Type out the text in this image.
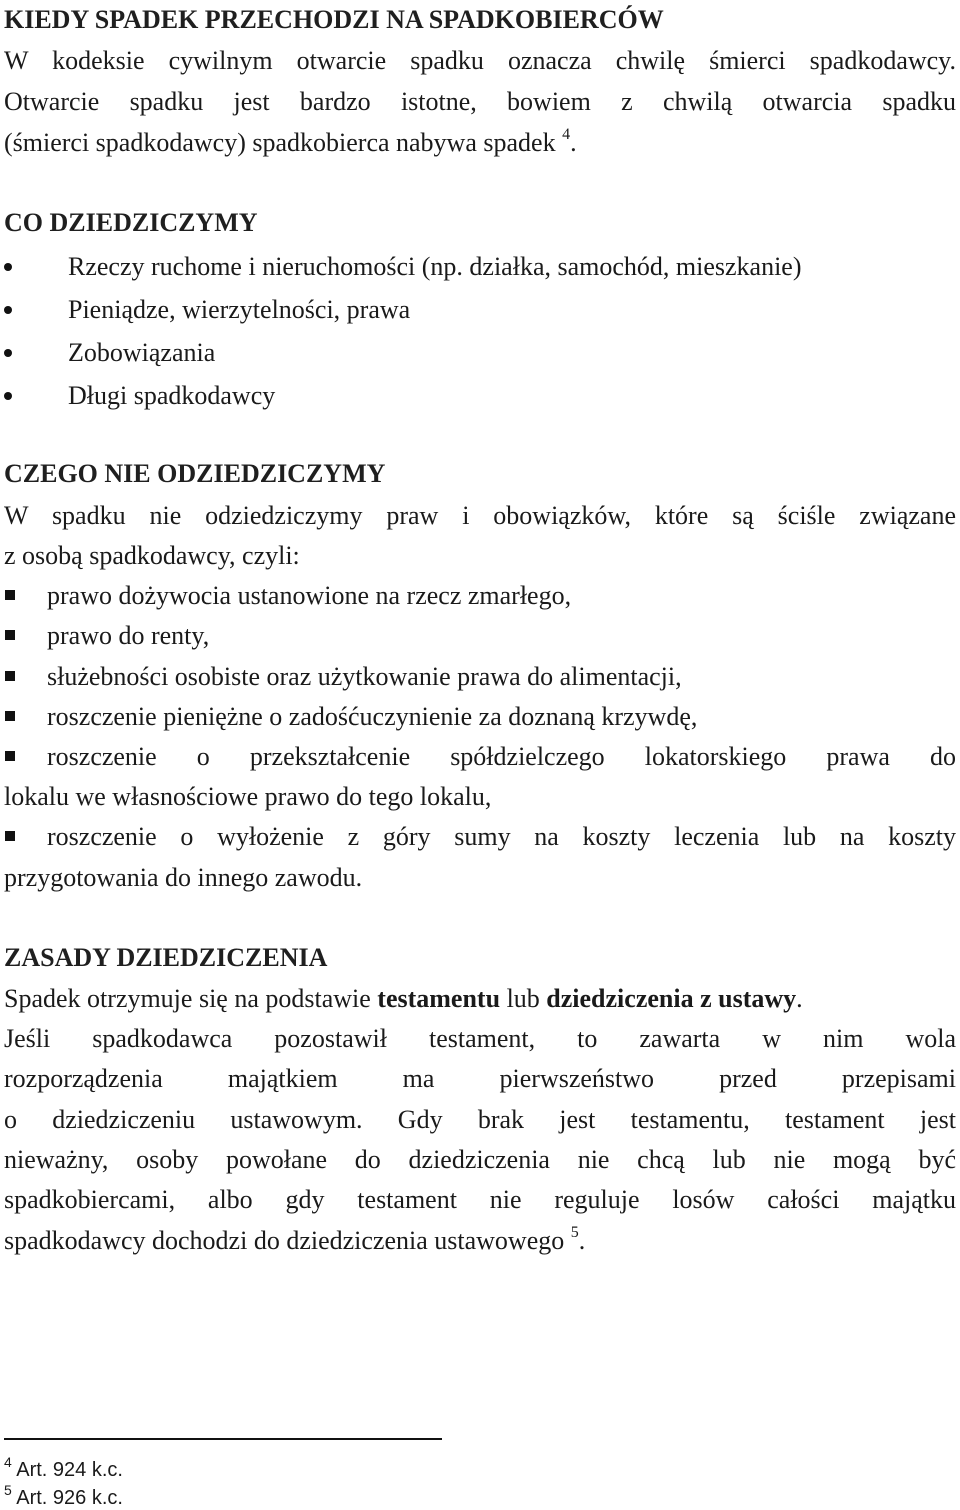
KIEDY SPADEK PRZECHODZI NA SPADKOBIERCÓW
W kodeksie cywilnym otwarcie spadku oznacza chwilę śmierci spadkodawcy.
Otwarcie spadku jest bardzo istotne, bowiem z chwilą otwarcia spadku
(śmierci spadkodawcy) spadkobierca nabywa spadek $^4$.
CO DZIEDZICZYMY
Rzeczy ruchome i nieruchomości (np. działka, samochód, mieszkanie)
Pieniądze, wierzytelności, prawa
Zobowiązania
Długi spadkodawcy
CZEGO NIE ODZIEDZICZYMY
W spadku nie odziedziczymy praw i obowiązków, które są ściśle związane
z osobą spadkodawcy, czyli:
prawo dożywocia ustanowione na rzecz zmarłego,
prawo do renty,
służebności osobiste oraz użytkowanie prawa do alimentacji,
roszczenie pieniężne o zadośćuczynienie za doznaną krzywdę,
roszczenie o przekształcenie spółdzielczego lokatorskiego prawa do
lokalu we własnościowe prawo do tego lokalu,
roszczenie o wyłożenie z góry sumy na koszty leczenia lub na koszty
przygotowania do innego zawodu.
ZASADY DZIEDZICZENIA
Spadek otrzymuje się na podstawie testamentu lub dziedziczenia z ustawy.
Jeśli spadkodawca pozostawił testament, to zawarta w nim wola
rozporządzenia majątkiem ma pierwszeństwo przed przepisami
o dziedziczeniu ustawowym. Gdy brak jest testamentu, testament jest
nieważny, osoby powołane do dziedziczenia nie chcą lub nie mogą być
spadkobiercami, albo gdy testament nie reguluje losów całości majątku
spadkodawcy dochodzi do dziedziczenia ustawowego $^5$.
$^4$ Art. 924 k.c.
$^5$ Art. 926 k.c.
